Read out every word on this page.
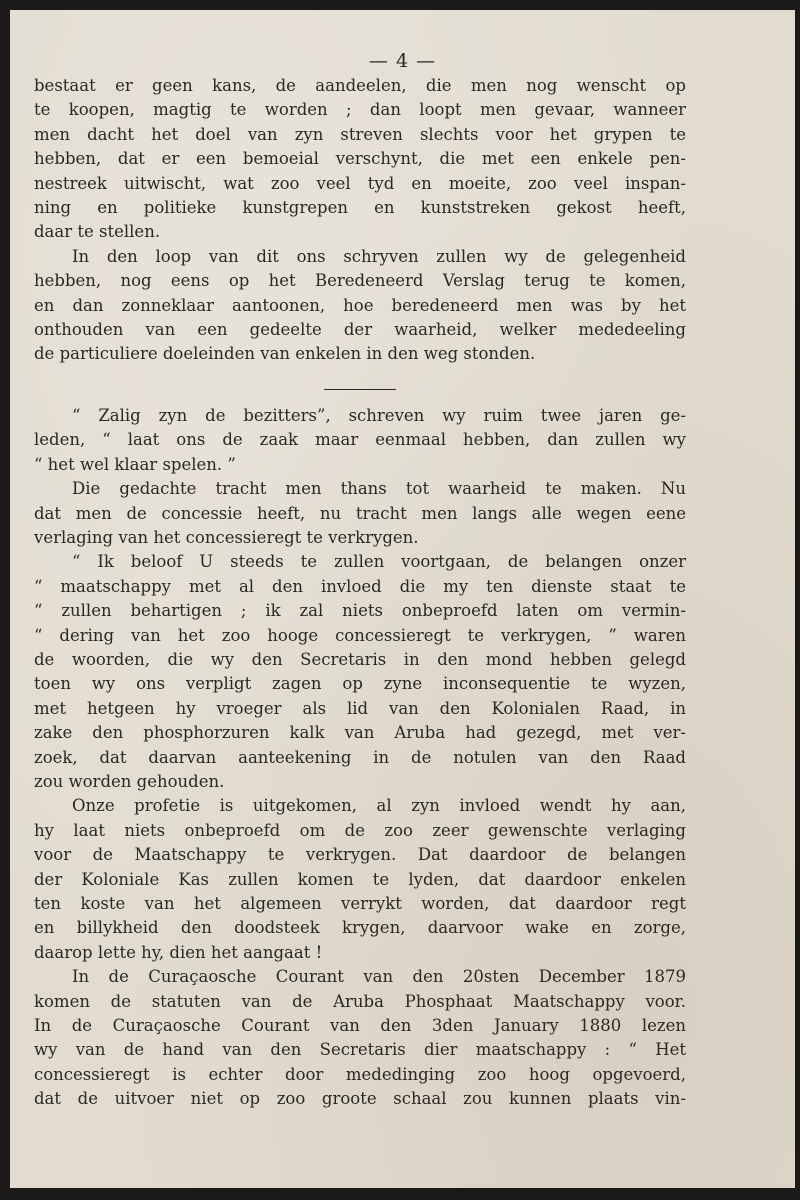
— 4 —

bestaat er geen kans, de aandeelen, die men nog wenscht op

te koopen, magtig te worden ; dan loopt men gevaar, wanneer

men dacht het doel van zyn streven slechts voor het grypen te

hebben, dat er een bemoeial verschynt, die met een enkele pen-

nestreek uitwischt, wat zoo veel tyd en moeite, zoo veel inspan-

ning en politieke kunstgrepen en kunststreken gekost heeft,

daar te stellen.

In den loop van dit ons schryven zullen wy de gelegenheid

hebben, nog eens op het Beredeneerd Verslag terug te komen,

en dan zonneklaar aantoonen, hoe beredeneerd men was by het

onthouden van een gedeelte der waarheid, welker mededeeling

de particuliere doeleinden van enkelen in den weg stonden.

“ Zalig zyn de bezitters”, schreven wy ruim twee jaren ge-

leden, “ laat ons de zaak maar eenmaal hebben, dan zullen wy

“ het wel klaar spelen. ”

Die gedachte tracht men thans tot waarheid te maken. Nu

dat men de concessie heeft, nu tracht men langs alle wegen eene

verlaging van het concessieregt te verkrygen.

“ Ik beloof U steeds te zullen voortgaan, de belangen onzer

“ maatschappy met al den invloed die my ten dienste staat te

“ zullen behartigen ; ik zal niets onbeproefd laten om vermin-

“ dering van het zoo hooge concessieregt te verkrygen, ” waren

de woorden, die wy den Secretaris in den mond hebben gelegd

toen wy ons verpligt zagen op zyne inconsequentie te wyzen,

met hetgeen hy vroeger als lid van den Kolonialen Raad, in

zake den phosphorzuren kalk van Aruba had gezegd, met ver-

zoek, dat daarvan aanteekening in de notulen van den Raad

zou worden gehouden.

Onze profetie is uitgekomen, al zyn invloed wendt hy aan,

hy laat niets onbeproefd om de zoo zeer gewenschte verlaging

voor de Maatschappy te verkrygen. Dat daardoor de belangen

der Koloniale Kas zullen komen te lyden, dat daardoor enkelen

ten koste van het algemeen verrykt worden, dat daardoor regt

en billykheid den doodsteek krygen, daarvoor wake en zorge,

daarop lette hy, dien het aangaat !

In de Curaçaosche Courant van den 20sten December 1879

komen de statuten van de Aruba Phosphaat Maatschappy voor.

In de Curaçaosche Courant van den 3den January 1880 lezen

wy van de hand van den Secretaris dier maatschappy : “ Het

concessieregt is echter door mededinging zoo hoog opgevoerd,

dat de uitvoer niet op zoo groote schaal zou kunnen plaats vin-
